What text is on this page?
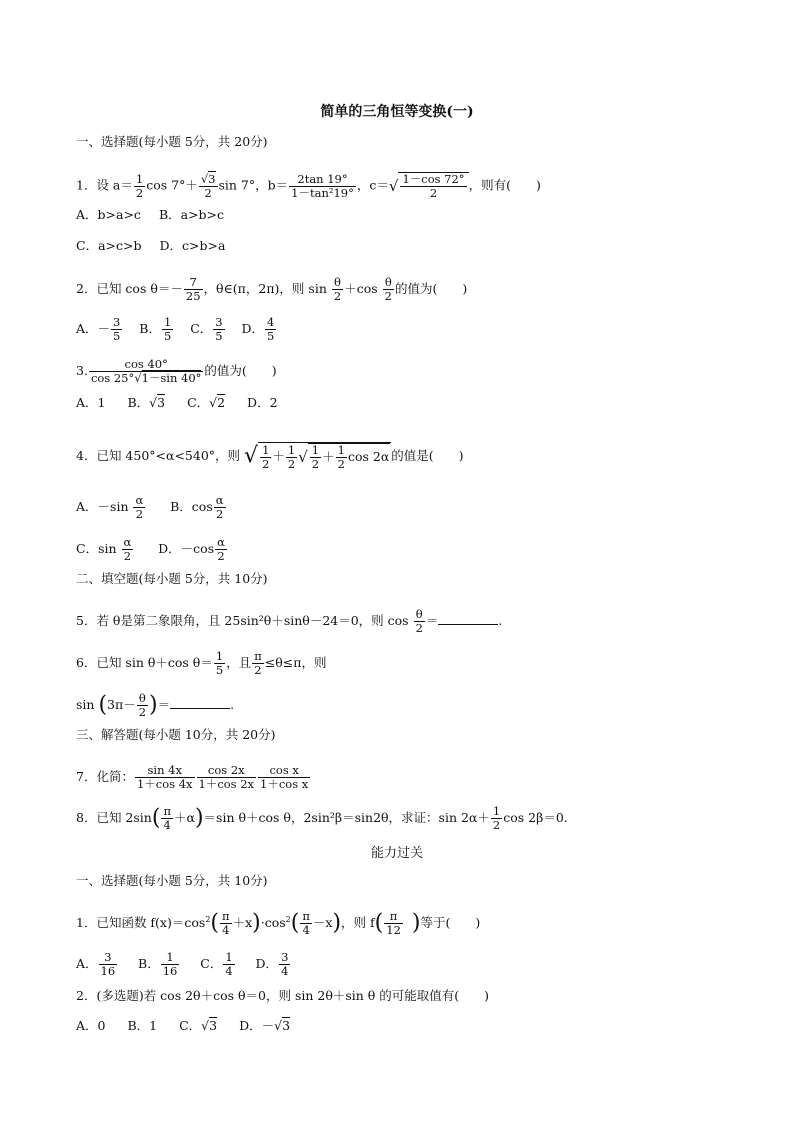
简单的三角恒等变换(一)
一、选择题(每小题 5分，共 20分)
1．设 $a= \frac{1}{2}$ $\cos 7^\circ+ \frac{√3}{2}$ sin 7°，$b= \frac{2\tan 19^\circ}{\text{1－tan²19°}}$ ，$c=√ \frac{1-\cos 72^\circ}{2}$ ，则有(　　)
A．b>a>c B．a>b>c
C．a>c>b D．c>b>a
2．已知 $\cos \theta=- \frac{7}{25}$ ，θ∈(π，2π)，则 $\sin \frac{\theta}{2} +\cos \frac{\theta}{2}$ 的值为(　　)
A．－ $\frac{3}{5}$ B． $\frac{1}{5}$ C． $\frac{3}{5}$ D． $\frac{4}{5}$
3. $\frac{\cos 40^\circ}{\cos 25^\circ√1-\sin 40^\circ}$ 的值为(　　)
A．1 B．√3 C．√2 D．2
4．已知 450°<α<540°，则 √ $\frac{1}{2} + \frac{1}{2}$ √ $\frac{1}{2} + \frac{1}{2}$ cos 2α 的值是(　　)
A．$-\sin \frac{\alpha}{2}$ B．$\cos \frac{\alpha}{2}$
C．$\sin \frac{\alpha}{2}$ D．$-\cos \frac{\alpha}{2}$
二、填空题(每小题 5分，共 10分)
5．若 θ是第二象限角，且 25sin²θ＋sinθ－24＝0，则 $\cos \frac{\theta}{2}$ ＝	.
6．已知 sin θ＋cos $\theta= \frac{1}{5}$ ，且 $\frac{\pi}{2} \le\theta\le\pi$，则
$\sin (3\pi- \frac{\theta}{2}$ )＝	.
三、解答题(每小题 10分，共 20分)
7．化简： $\frac{\sin 4x}{1+\cos 4x} \frac{\cos 2x}{1+\cos 2x} \frac{\text{cos x}}{\text{1＋cos x}}$
8．已知 $2\sin( \frac{\pi}{4} +\alpha)=\sin$ θ＋cos θ，2sin²β＝sin2θ，求证：$\sin 2\alpha+ \frac{1}{2}$ cos 2β＝0.
能力过关
一、选择题(每小题 5分，共 10分)
1．已知函数 $f(x)=\cos^2( \frac{\pi}{4} +x)\cdot\cos^2( \frac{\pi}{4} -x)$，则 $f( \frac{\pi}{12}$ )等于(　　)
A． $\frac{3}{16}$ B． $\frac{1}{16}$ C． $\frac{1}{4}$ D． $\frac{3}{4}$
2．(多选题)若 cos 2θ＋cos θ＝0，则 sin 2θ＋sin θ 的可能取值有(　　)
A．0 B．1 C．√3 D．－√3
